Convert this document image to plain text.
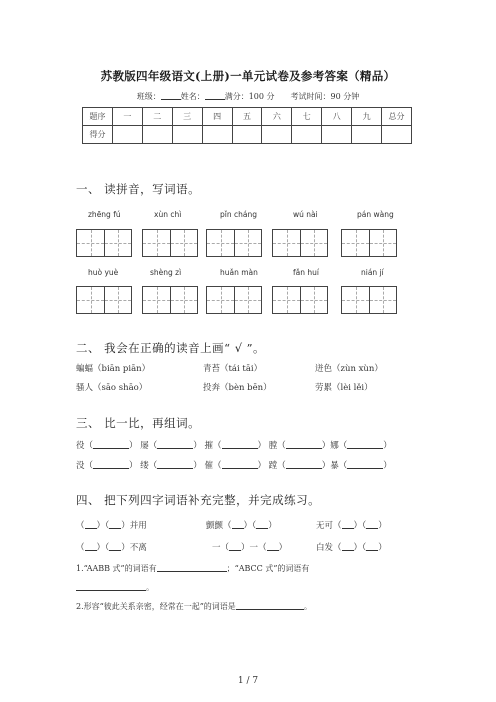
苏教版四年级语文(上册)一单元试卷及参考答案（精品）
班级：	姓名：	满分：100 分 考试时间：90 分钟
题序	一	二	三	四	五	六	七	八	九	总分
得分										
一、 读拼音，写词语。
zhēng fú	xùn chì	pǐn cháng	wú nài	pán wàng
huò yuè	shèng zì	huǎn màn	fǎn huí	nián jí
二、 我会在正确的读音上画“ √ ”。
蝙蝠（biān piān）	青苔（tái tāi）	迸色（zùn xùn）
骚人（sāo shāo）	投奔（bèn bēn）	劳累（lèi lěi）
三、 比一比，再组词。
役（	） 屡（	） 摧（	） 膛（	）娜（	）
没（	） 缕（	） 催（	） 蹚（	）暴（	）
四、 把下列四字词语补充完整，并完成练习。
（ ）（ ）并用	颤颤（ ）（ ）	无可（ ）（ ）
（ ）（ ）不离	一（ ）一（ ）	白发（ ）（ ）
1.“AABB 式”的词语有	；“ABCC 式”的词语有
。
2.形容“彼此关系亲密，经常在一起”的词语是	。
1 / 7
